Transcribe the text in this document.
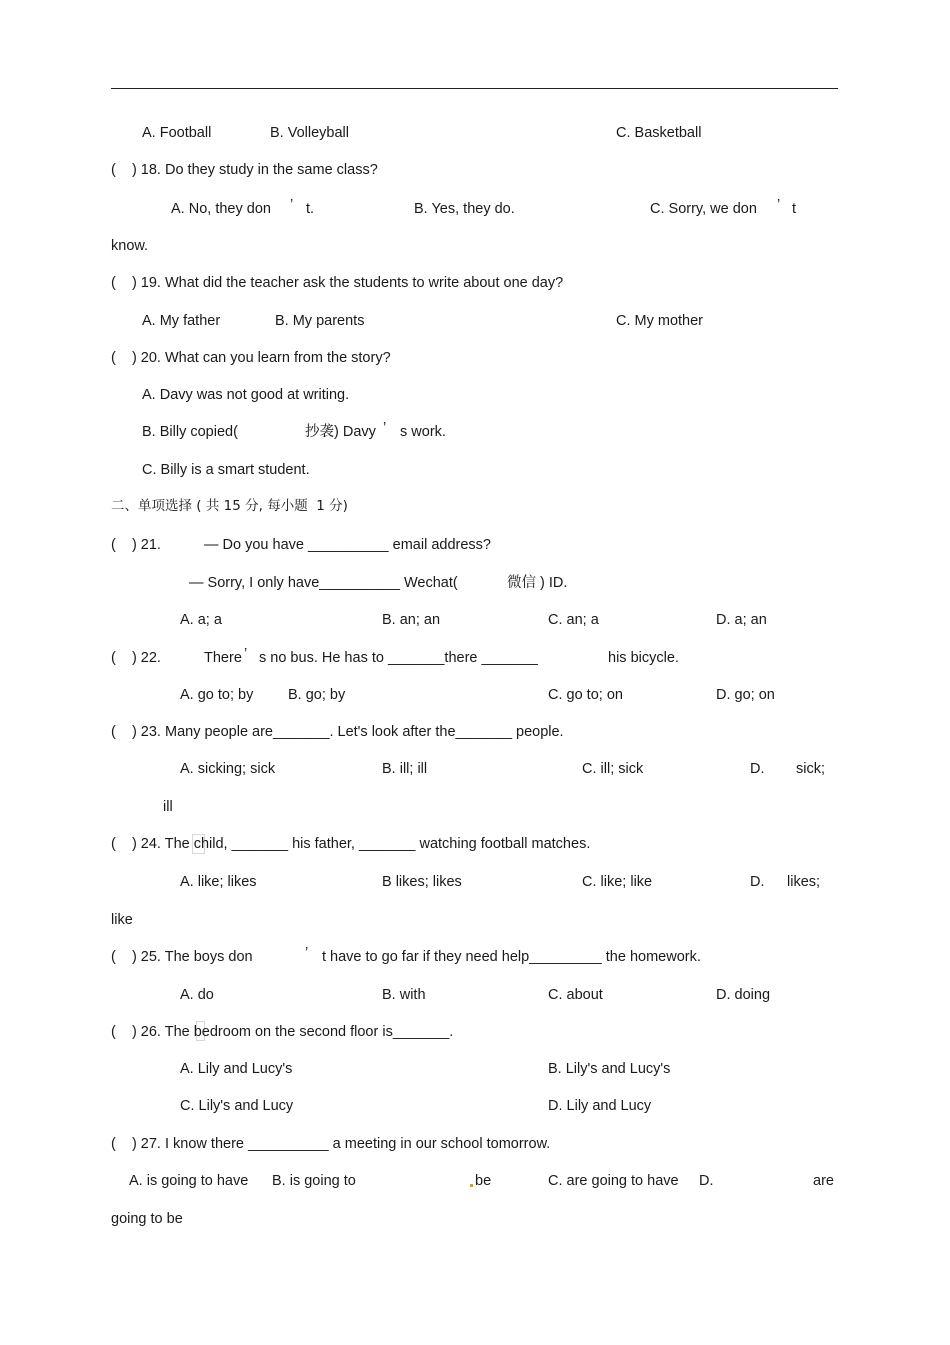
A. Football	B. Volleyball	C. Basketball
(    ) 18. Do they study in the same class?
A. No, they don ’ t.	B. Yes, they do.	C. Sorry, we don ’ t
know.
(    ) 19. What did the teacher ask the students to write about one day?
A. My father	B. My parents	C. My mother
(    ) 20. What can you learn from the story?
A. Davy was not good at writing.
B. Billy copied(	抄袭) Davy ’ s work.
C. Billy is a smart student.
二、单项选择 ( 共 15 分, 每小题  1 分)
(    ) 21.	— Do you have __________ email address?
— Sorry, I only have__________ Wechat(	微信 ) ID.
A. a; a	B. an; an	C. an; a	D. a; an
(    ) 22.	There ’ s no bus. He has to _______there _______	his bicycle.
A. go to; by B. go; by	C. go to; on	D. go; on
(    ) 23. Many people are_______. Let's look after the_______ people.
A. sicking; sick	B. ill; ill	C. ill; sick	D. sick;
ill
(    ) 24. The child, _______ his father, _______ watching football matches.
A. like; likes	B likes; likes	C. like; like	D. likes;
like
(    ) 25. The boys don	’ t have to go far if they need help_________ the homework.
A. do	B. with	C. about	D. doing
(    ) 26. The bedroom on the second floor is_______.
A. Lily and Lucy's	B. Lily's and Lucy's
C. Lily's and Lucy	D. Lily and Lucy
(    ) 27. I know there __________ a meeting in our school tomorrow.
A. is going to have B. is going to	be	C. are going to have D.	are
going to be
